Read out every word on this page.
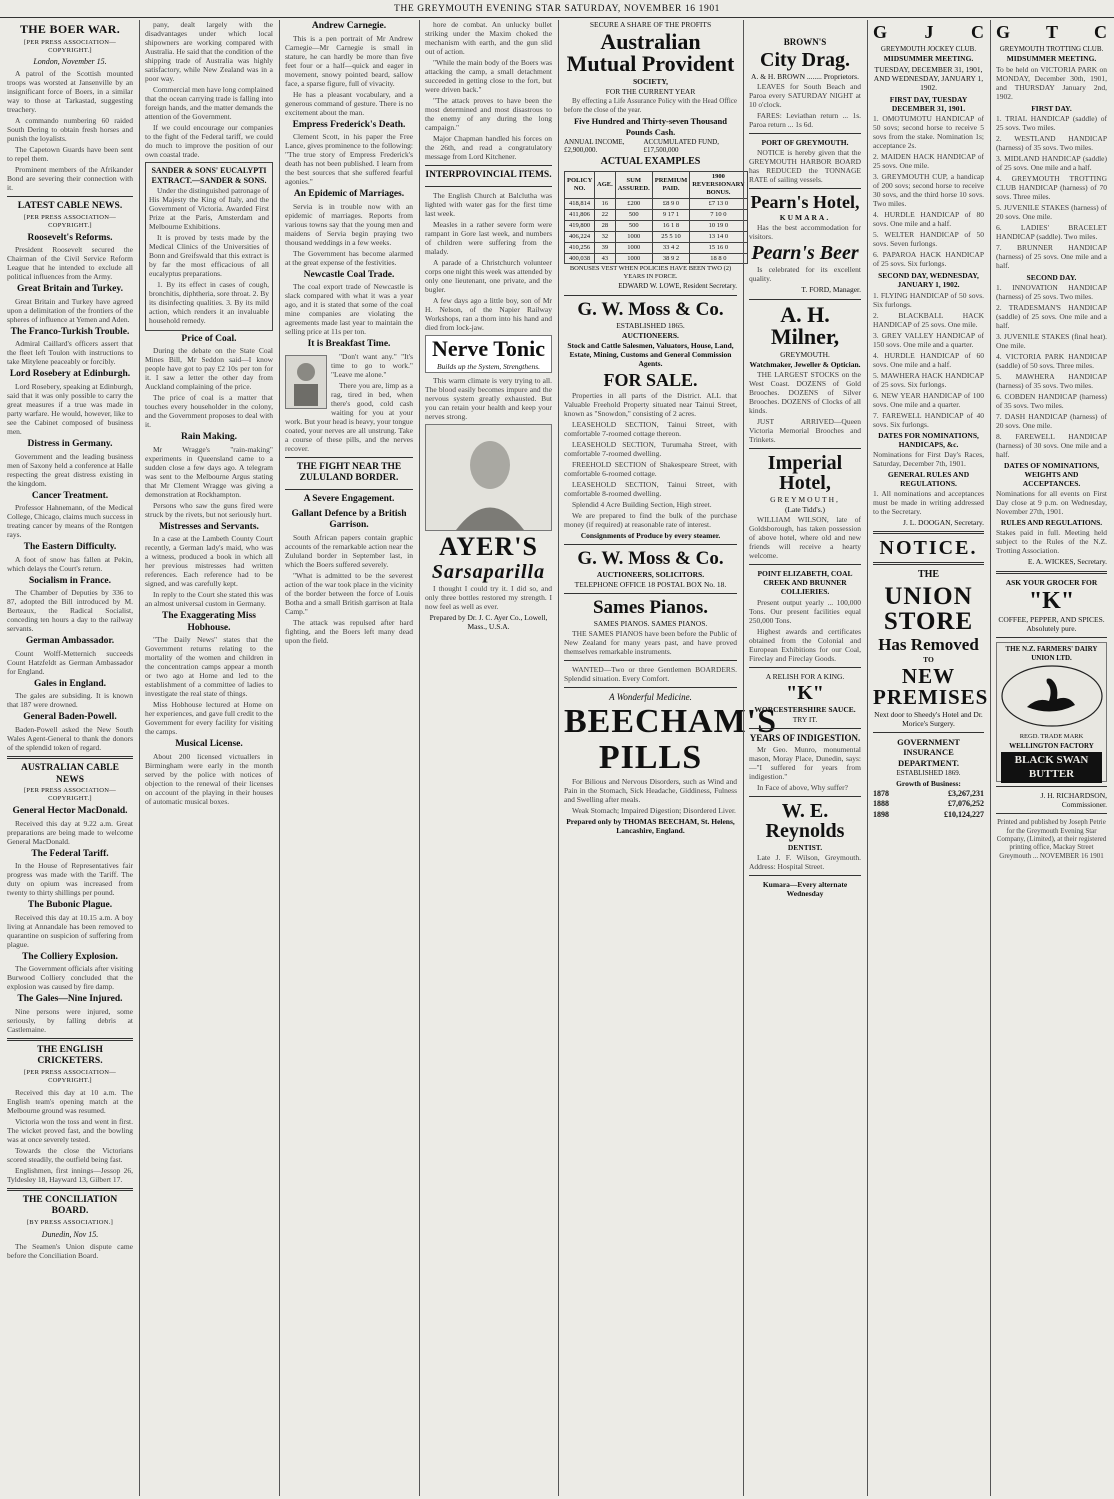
THE GREYMOUTH EVENING STAR SATURDAY, NOVEMBER 16 1901
THE BOER WAR.
[PER PRESS ASSOCIATION—COPYRIGHT.]

London, November 15.

A patrol of the Scottish mounted troops was worsted at Jansenville by an insignificant force of Boers, in a similar way to those at Tarkastad, suggesting treachery.

A commando numbering 60 raided South Dering to obtain fresh horses and punish the loyalists.

The Capetown Guards have been sent to repel them.

Prominent members of the Afrikander Bond are severing their connection with it.

LATEST CABLE NEWS.
[PER PRESS ASSOCIATION—COPYRIGHT.]
Roosevelt's Reforms.

President Roosevelt secured the Chairman of the Civil Service Reform League that he intended to exclude all political influences from the Army.

Great Britain and Turkey.

Great Britain and Turkey have agreed upon a delimitation of the frontiers of the spheres of influence at Yemen and Aden.

The Franco-Turkish Trouble.

Admiral Caillard's officers assert that the fleet left Toulon with instructions to take Mitylene peaceably or forcibly.

Lord Rosebery at Edinburgh.

Lord Rosebery, speaking at Edinburgh, said that it was only possible to carry the great measures if a true was made in party warfare. He would, however, like to see the Cabinet composed of business men.

Distress in Germany.

Government and the leading business men of Saxony held a conference at Halle respecting the great distress existing in the kingdom.

Cancer Treatment.

Professor Hahnemann, of the Medical College, Chicago, claims much success in treating cancer by means of the Rontgen rays.

The Eastern Difficulty.

A foot of snow has fallen at Pekin, which delays the Court's return.

Socialism in France.

The Chamber of Deputies by 336 to 87, adopted the Bill introduced by M. Berteaux, the Radical Socialist, conceding ten hours a day to the railway servants.

German Ambassador.

Count Wolff-Metternich succeeds Count Hatzfeldt as German Ambassador for England.

Gales in England.

The gales are subsiding. It is known that 187 were drowned.

General Baden-Powell.

Baden-Powell asked the New South Wales Agent-General to thank the donors of the splendid token of regard.

AUSTRALIAN CABLE NEWS
[PER PRESS ASSOCIATION—COPYRIGHT.]
General Hector MacDonald.

Received this day at 9.22 a.m. Great preparations are being made to welcome General MacDonald.

The Federal Tariff.

In the House of Representatives fair progress was made with the Tariff. The duty on opium was increased from twenty to thirty shillings per pound.

The Bubonic Plague.

Received this day at 10.15 a.m. A boy living at Annandale has been removed to quarantine on suspicion of suffering from plague.

The Colliery Explosion.

The Government officials after visiting Burwood Colliery concluded that the explosion was caused by fire damp.

The Gales—Nine Injured.

Nine persons were injured, some seriously, by falling debris at Castlemaine.

THE ENGLISH CRICKETERS.
[PER PRESS ASSOCIATION—COPYRIGHT.]

Received this day at 10 a.m. The English team's opening match at the Melbourne ground was resumed.

Victoria won the toss and went in first. The wicket proved fast, and the bowling was at once severely tested.

Towards the close the Victorians scored steadily, the outfield being fast.

Englishmen, first innings—Jessop 26, Tyldesley 18, Hayward 13, Gilbert 17.

THE CONCILIATION BOARD.
[BY PRESS ASSOCIATION.]

Dunedin, Nov 15.

The Seamen's Union dispute came before the Conciliation Board.

pany, dealt largely with the disadvantages under which local shipowners are working compared with Australia. He said that the condition of the shipping trade of Australia was highly satisfactory, while New Zealand was in a poor way.

Commercial men have long complained that the ocean carrying trade is falling into foreign hands, and the matter demands the attention of the Government.

If we could encourage our companies to the fight of the Federal tariff, we could do much to improve the position of our own coastal trade.

SANDER & SONS' EUCALYPTI EXTRACT.—SANDER & SONS.

Under the distinguished patronage of His Majesty the King of Italy, and the Government of Victoria. Awarded First Prize at the Paris, Amsterdam and Melbourne Exhibitions.

It is proved by tests made by the Medical Clinics of the Universities of Bonn and Greifswald that this extract is by far the most efficacious of all eucalyptus preparations.

1. By its effect in cases of cough, bronchitis, diphtheria, sore throat. 2. By its disinfecting qualities. 3. By its mild action, which renders it an invaluable household remedy.

Price of Coal.

During the debate on the State Coal Mines Bill, Mr Seddon said—I know people have got to pay £2 10s per ton for it. I saw a letter the other day from Auckland complaining of the price.

The price of coal is a matter that touches every householder in the colony, and the Government proposes to deal with it.

Rain Making.

Mr Wragge's "rain-making" experiments in Queensland came to a sudden close a few days ago. A telegram was sent to the Melbourne Argus stating that Mr Clement Wragge was giving a demonstration at Rockhampton.

Persons who saw the guns fired were struck by the rivets, but not seriously hurt.

Mistresses and Servants.

In a case at the Lambeth County Court recently, a German lady's maid, who was a witness, produced a book in which all her previous mistresses had written references. Each reference had to be signed, and was carefully kept.

In reply to the Court she stated this was an almost universal custom in Germany.

The Exaggerating Miss Hobhouse.

"The Daily News" states that the Government returns relating to the mortality of the women and children in the concentration camps appear a month or two ago at Home and led to the establishment of a committee of ladies to investigate the real state of things.

Miss Hobhouse lectured at Home on her experiences, and gave full credit to the Government for every facility for visiting the camps.

Musical License.

About 200 licensed victuallers in Birmingham were early in the month served by the police with notices of objection to the renewal of their licenses on account of the playing in their houses of automatic musical boxes.

Andrew Carnegie.

This is a pen portrait of Mr Andrew Carnegie—Mr Carnegie is small in stature, he can hardly be more than five feet four or a half—quick and eager in movement, snowy pointed beard, sallow face, a sparse figure, full of vivacity.

He has a pleasant vocabulary, and a generous command of gesture. There is no excitement about the man.

Empress Frederick's Death.

Clement Scott, in his paper the Free Lance, gives prominence to the following: "The true story of Empress Frederick's death has not been published. I learn from the best sources that she suffered fearful agonies."

An Epidemic of Marriages.

Servia is in trouble now with an epidemic of marriages. Reports from various towns say that the young men and maidens of Servia begin praying two thousand weddings in a few weeks.

The Government has become alarmed at the great expense of the festivities.

Newcastle Coal Trade.

The coal export trade of Newcastle is slack compared with what it was a year ago, and it is stated that some of the coal mine companies are violating the agreements made last year to maintain the selling price at 11s per ton.

It is Breakfast Time.

"Don't want any." "It's time to go to work." "Leave me alone."

There you are, limp as a rag, tired in bed, when there's good, cold cash waiting for you at your work. But your head is heavy, your tongue coated, your nerves are all unstrung. Take a course of these pills, and the nerves recover.

THE FIGHT NEAR THE ZULULAND BORDER.
A Severe Engagement.
Gallant Defence by a British Garrison.

South African papers contain graphic accounts of the remarkable action near the Zululand border in September last, in which the Boers suffered severely.

"What is admitted to be the severest action of the war took place in the vicinity of the border between the force of Louis Botha and a small British garrison at Itala Camp."

The attack was repulsed after hard fighting, and the Boers left many dead upon the field.

hore de combat. An unlucky bullet striking under the Maxim choked the mechanism with earth, and the gun slid out of action.

"While the main body of the Boers was attacking the camp, a small detachment succeeded in getting close to the fort, but were driven back."

"The attack proves to have been the most determined and most disastrous to the enemy of any during the long campaign."

Major Chapman handled his forces on the 26th, and read a congratulatory message from Lord Kitchener.

INTERPROVINCIAL ITEMS.

The English Church at Balclutha was lighted with water gas for the first time last week.

Measles in a rather severe form were rampant in Gore last week, and numbers of children were suffering from the malady.

A parade of a Christchurch volunteer corps one night this week was attended by only one lieutenant, one private, and the bugler.

A few days ago a little boy, son of Mr H. Nelson, of the Napier Railway Workshops, ran a thorn into his hand and died from lock-jaw.

Nerve Tonic
Builds up the System, Strengthens.

This warm climate is very trying to all. The blood easily becomes impure and the nervous system greatly exhausted. But you can retain your health and keep your nerves strong.

AYER'S
Sarsaparilla

I thought I could try it. I did so, and only three bottles restored my strength. I now feel as well as ever.

Prepared by Dr. J. C. Ayer Co., Lowell, Mass., U.S.A.
SECURE A SHARE OF THE PROFITS
Australian Mutual Provident
SOCIETY,
FOR THE CURRENT YEAR

By effecting a Life Assurance Policy with the Head Office before the close of the year.

Five Hundred and Thirty-seven Thousand Pounds Cash.
ANNUAL INCOME, £2,900,000.
ACCUMULATED FUND, £17,500,000
ACTUAL EXAMPLES
POLICY NO.	AGE.	SUM ASSURED.	PREMIUM PAID.	1900 REVERSIONARY BONUS.
418,814	16	£200	£8 9 0	£7 13 0
411,806	22	500	9 17 1	7 10 0
419,800	28	500	16 1 8	10 19 0
406,224	32	1000	25 5 10	13 14 0
410,256	39	1000	33 4 2	15 16 0
400,038	43	1000	38 9 2	18 8 0
BONUSES VEST WHEN POLICIES HAVE BEEN TWO (2) YEARS IN FORCE.
EDWARD W. LOWE, Resident Secretary.
G. W. Moss & Co.
ESTABLISHED 1865.
AUCTIONEERS.
Stock and Cattle Salesmen, Valuators, House, Land, Estate, Mining, Customs and General Commission Agents.
FOR SALE.

Properties in all parts of the District. ALL that Valuable Freehold Property situated near Tainui Street, known as "Snowdon," consisting of 2 acres.

LEASEHOLD SECTION, Tainui Street, with comfortable 7-roomed cottage thereon.

LEASEHOLD SECTION, Turumaha Street, with comfortable 7-roomed dwelling.

FREEHOLD SECTION of Shakespeare Street, with comfortable 6-roomed cottage.

LEASEHOLD SECTION, Tainui Street, with comfortable 8-roomed dwelling.

Splendid 4 Acre Building Section, High street.

We are prepared to find the bulk of the purchase money (if required) at reasonable rate of interest.

Consignments of Produce by every steamer.
G. W. Moss & Co.
AUCTIONEERS, SOLICITORS.
TELEPHONE OFFICE 18 POSTAL BOX No. 18.
Sames Pianos.
SAMES PIANOS. SAMES PIANOS.

THE SAMES PIANOS have been before the Public of New Zealand for many years past, and have proved themselves remarkable instruments.

WANTED—Two or three Gentlemen BOARDERS. Splendid situation. Every Comfort.

A Wonderful Medicine.
BEECHAM'S
PILLS

For Bilious and Nervous Disorders, such as Wind and Pain in the Stomach, Sick Headache, Giddiness, Fulness and Swelling after meals.

Weak Stomach; Impaired Digestion; Disordered Liver.

Prepared only by THOMAS BEECHAM, St. Helens, Lancashire, England.
BROWN'S
City Drag.
A. & H. BROWN ........ Proprietors.

LEAVES for South Beach and Paroa every SATURDAY NIGHT at 10 o'clock.

FARES: Leviathan return ... 1s. Paroa return ... 1s 6d.

PORT OF GREYMOUTH.

NOTICE is hereby given that the GREYMOUTH HARBOR BOARD has REDUCED the TONNAGE RATE of sailing vessels.

Pearn's Hotel,
KUMARA.

Has the best accommodation for visitors.

Pearn's Beer

Is celebrated for its excellent quality.

T. FORD, Manager.
A. H. Milner,
GREYMOUTH.
Watchmaker, Jeweller & Optician.

THE LARGEST STOCKS on the West Coast. DOZENS of Gold Brooches. DOZENS of Silver Brooches. DOZENS of Clocks of all kinds.

JUST ARRIVED—Queen Victoria Memorial Brooches and Trinkets.

Imperial Hotel,
GREYMOUTH,
(Late Tidd's.)

WILLIAM WILSON, late of Goldsborough, has taken possession of above hotel, where old and new friends will receive a hearty welcome.

POINT ELIZABETH, COAL CREEK AND BRUNNER COLLIERIES.

Present output yearly ... 100,000 Tons. Our present facilities equal 250,000 Tons.

Highest awards and certificates obtained from the Colonial and European Exhibitions for our Coal, Fireclay and Fireclay Goods.

A RELISH FOR A KING.
"K"
WORCESTERSHIRE SAUCE.
TRY IT.
YEARS OF INDIGESTION.

Mr Geo. Munro, monumental mason, Moray Place, Dunedin, says:—"I suffered for years from indigestion."

In Face of above, Why suffer?

W. E. Reynolds
DENTIST.

Late J. F. Wilson, Greymouth. Address: Hospital Street.

Kumara—Every alternate Wednesday
G J C
GREYMOUTH JOCKEY CLUB.
MIDSUMMER MEETING.
TUESDAY, DECEMBER 31, 1901, AND WEDNESDAY, JANUARY 1, 1902.
FIRST DAY, TUESDAY DECEMBER 31, 1901.

1. OMOTUMOTU HANDICAP of 50 sovs; second horse to receive 5 sovs from the stake. Nomination 1s; acceptance 2s.

2. MAIDEN HACK HANDICAP of 25 sovs. One mile.

3. GREYMOUTH CUP, a handicap of 200 sovs; second horse to receive 30 sovs, and the third horse 10 sovs. Two miles.

4. HURDLE HANDICAP of 80 sovs. One mile and a half.

5. WELTER HANDICAP of 50 sovs. Seven furlongs.

6. PAPAROA HACK HANDICAP of 25 sovs. Six furlongs.

SECOND DAY, WEDNESDAY, JANUARY 1, 1902.

1. FLYING HANDICAP of 50 sovs. Six furlongs.

2. BLACKBALL HACK HANDICAP of 25 sovs. One mile.

3. GREY VALLEY HANDICAP of 150 sovs. One mile and a quarter.

4. HURDLE HANDICAP of 60 sovs. One mile and a half.

5. MAWHERA HACK HANDICAP of 25 sovs. Six furlongs.

6. NEW YEAR HANDICAP of 100 sovs. One mile and a quarter.

7. FAREWELL HANDICAP of 40 sovs. Six furlongs.

DATES FOR NOMINATIONS, HANDICAPS, &c.

Nominations for First Day's Races, Saturday, December 7th, 1901.

GENERAL RULES AND REGULATIONS.

1. All nominations and acceptances must be made in writing addressed to the Secretary.

J. L. DOOGAN, Secretary.
NOTICE.
THE
UNION STORE
Has Removed
TO
NEW PREMISES
Next door to Sheedy's Hotel and Dr. Morice's Surgery.
GOVERNMENT INSURANCE DEPARTMENT.
ESTABLISHED 1869.
Growth of Business:
1878	£3,267,231
1888	£7,076,252
1898	£10,124,227
G T C
GREYMOUTH TROTTING CLUB.
MIDSUMMER MEETING.

To be held on VICTORIA PARK on MONDAY, December 30th, 1901, and THURSDAY January 2nd, 1902.

FIRST DAY.

1. TRIAL HANDICAP (saddle) of 25 sovs. Two miles.

2. WESTLAND HANDICAP (harness) of 35 sovs. Two miles.

3. MIDLAND HANDICAP (saddle) of 25 sovs. One mile and a half.

4. GREYMOUTH TROTTING CLUB HANDICAP (harness) of 70 sovs. Three miles.

5. JUVENILE STAKES (harness) of 20 sovs. One mile.

6. LADIES' BRACELET HANDICAP (saddle). Two miles.

7. BRUNNER HANDICAP (harness) of 25 sovs. One mile and a half.

SECOND DAY.

1. INNOVATION HANDICAP (harness) of 25 sovs. Two miles.

2. TRADESMAN'S HANDICAP (saddle) of 25 sovs. One mile and a half.

3. JUVENILE STAKES (final heat). One mile.

4. VICTORIA PARK HANDICAP (saddle) of 50 sovs. Three miles.

5. MAWHERA HANDICAP (harness) of 35 sovs. Two miles.

6. COBDEN HANDICAP (harness) of 35 sovs. Two miles.

7. DASH HANDICAP (harness) of 20 sovs. One mile.

8. FAREWELL HANDICAP (harness) of 30 sovs. One mile and a half.

DATES OF NOMINATIONS, WEIGHTS AND ACCEPTANCES.

Nominations for all events on First Day close at 9 p.m. on Wednesday, November 27th, 1901.

RULES AND REGULATIONS.

Stakes paid in full. Meeting held subject to the Rules of the N.Z. Trotting Association.

E. A. WICKES, Secretary.
ASK YOUR GROCER FOR
"K"
COFFEE, PEPPER, AND SPICES. Absolutely pure.
THE N.Z. FARMERS' DAIRY UNION LTD.
REGD. TRADE MARK
WELLINGTON FACTORY
BLACK SWAN BUTTER
J. H. RICHARDSON, Commissioner.

Printed and published by Joseph Petrie for the Greymouth Evening Star Company, (Limited), at their registered printing office, Mackay Street Greymouth ... NOVEMBER 16 1901
